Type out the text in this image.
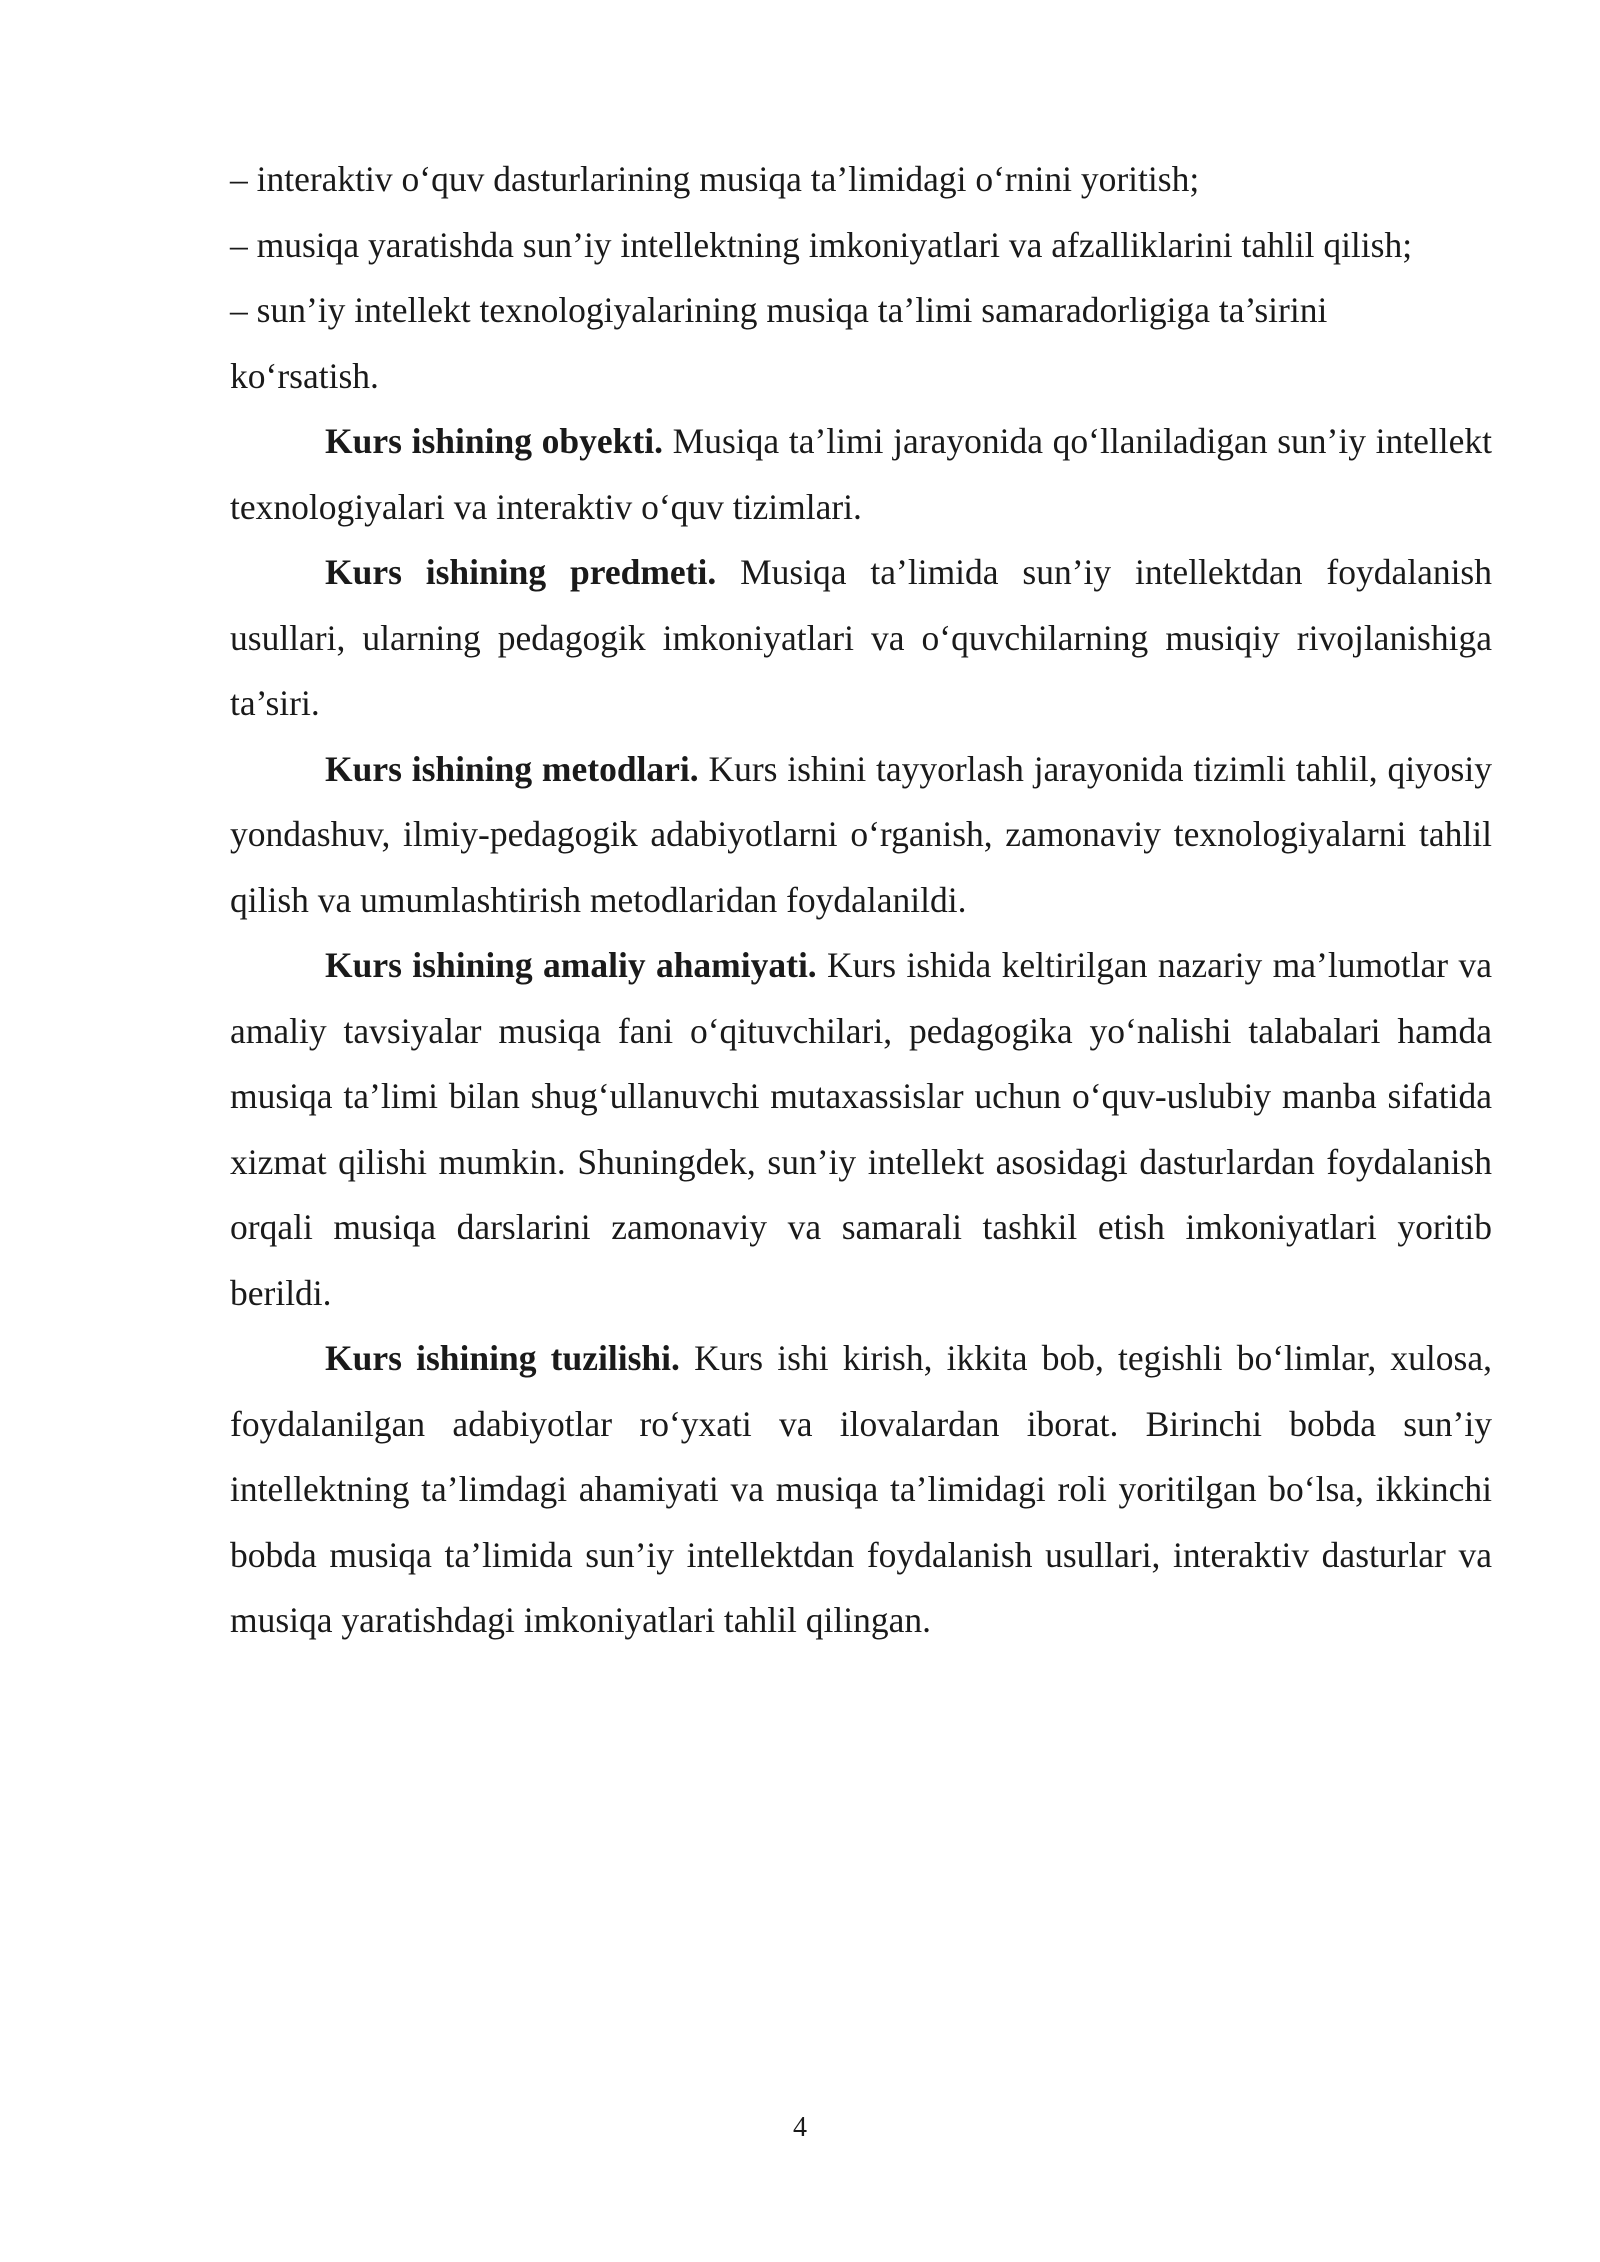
– interaktiv o‘quv dasturlarining musiqa ta’limidagi o‘rnini yoritish;
– musiqa yaratishda sun’iy intellektning imkoniyatlari va afzalliklarini tahlil qilish;
– sun’iy intellekt texnologiyalarining musiqa ta’limi samaradorligiga ta’sirini
ko‘rsatish.

Kurs ishining obyekti. Musiqa ta’limi jarayonida qo‘llaniladigan sun’iy intellekt texnologiyalari va interaktiv o‘quv tizimlari.

Kurs ishining predmeti. Musiqa ta’limida sun’iy intellektdan foydalanish usullari, ularning pedagogik imkoniyatlari va o‘quvchilarning musiqiy rivojlanishiga ta’siri.

Kurs ishining metodlari. Kurs ishini tayyorlash jarayonida tizimli tahlil, qiyosiy yondashuv, ilmiy-pedagogik adabiyotlarni o‘rganish, zamonaviy texnologiyalarni tahlil qilish va umumlashtirish metodlaridan foydalanildi.

Kurs ishining amaliy ahamiyati. Kurs ishida keltirilgan nazariy ma’lumotlar va amaliy tavsiyalar musiqa fani o‘qituvchilari, pedagogika yo‘nalishi talabalari hamda musiqa ta’limi bilan shug‘ullanuvchi mutaxassislar uchun o‘quv-uslubiy manba sifatida xizmat qilishi mumkin. Shuningdek, sun’iy intellekt asosidagi dasturlardan foydalanish orqali musiqa darslarini zamonaviy va samarali tashkil etish imkoniyatlari yoritib berildi.

Kurs ishining tuzilishi. Kurs ishi kirish, ikkita bob, tegishli bo‘limlar, xulosa, foydalanilgan adabiyotlar ro‘yxati va ilovalardan iborat. Birinchi bobda sun’iy intellektning ta’limdagi ahamiyati va musiqa ta’limidagi roli yoritilgan bo‘lsa, ikkinchi bobda musiqa ta’limida sun’iy intellektdan foydalanish usullari, interaktiv dasturlar va musiqa yaratishdagi imkoniyatlari tahlil qilingan.

4
